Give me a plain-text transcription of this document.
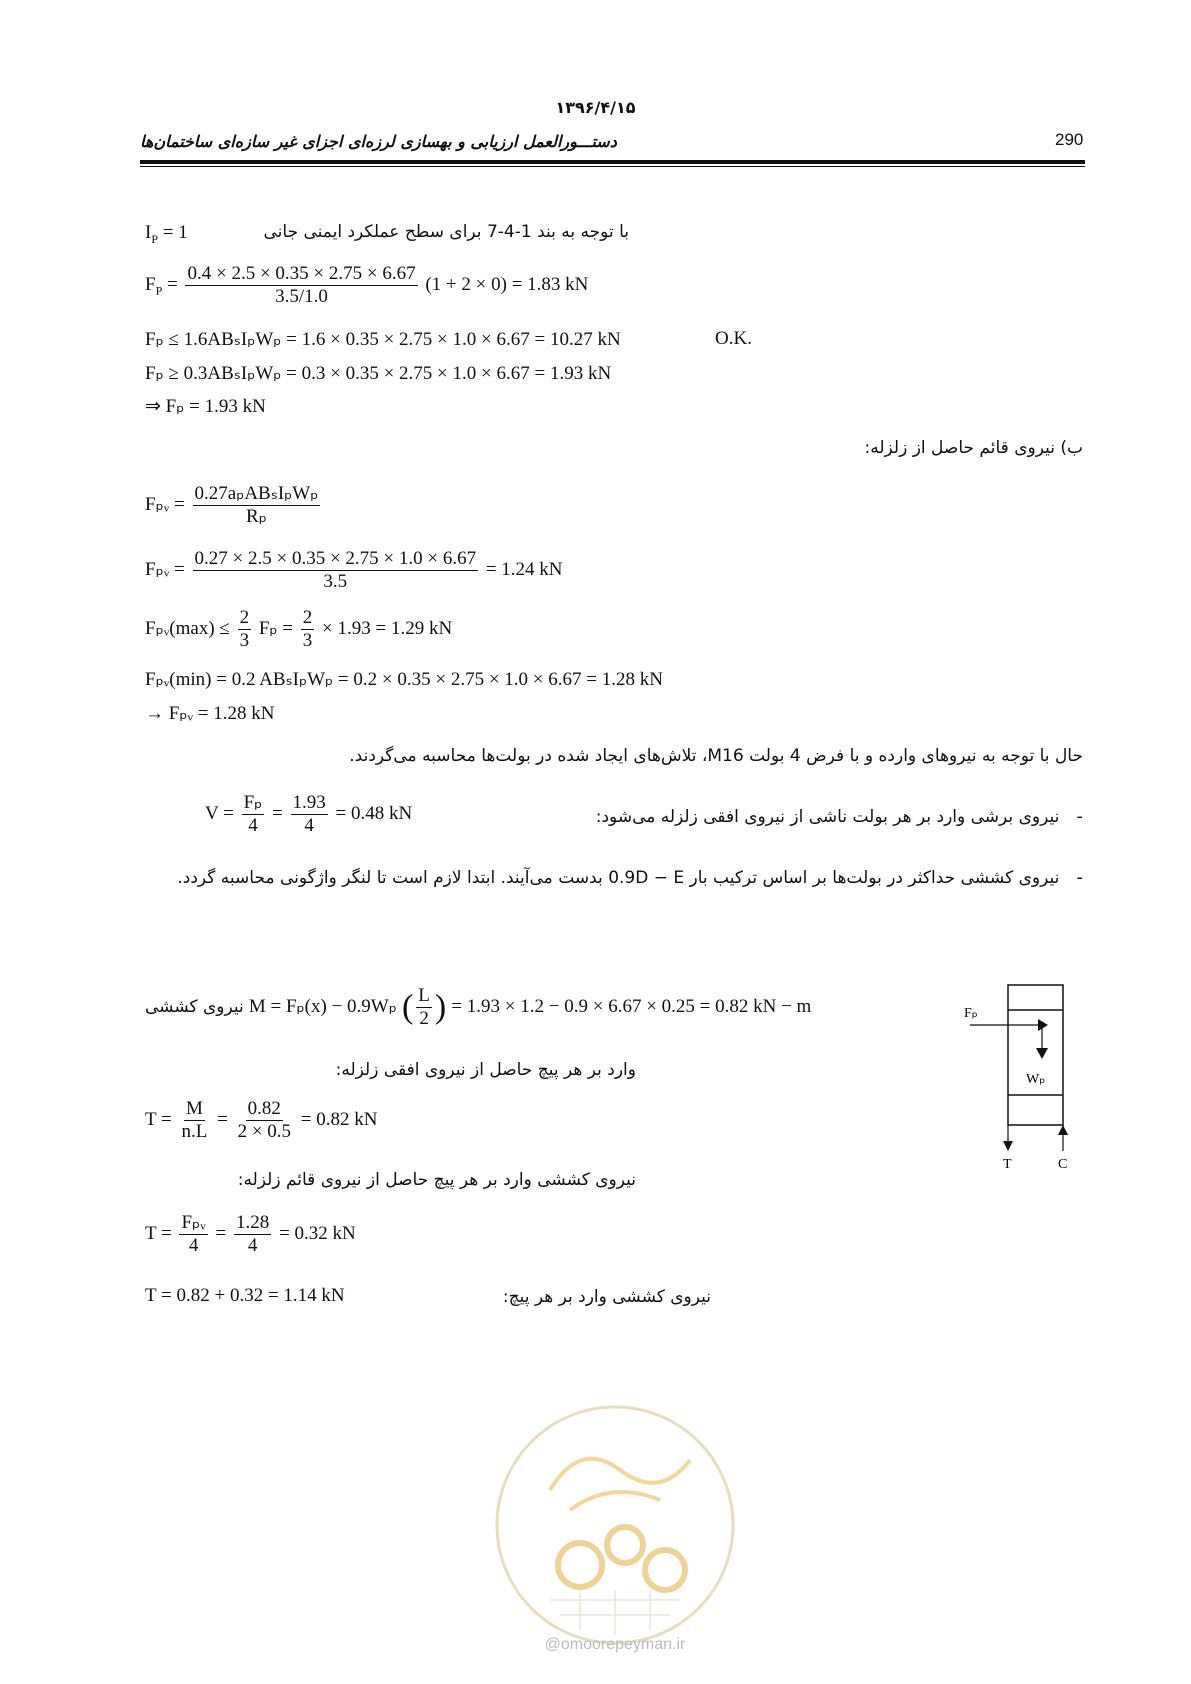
۱۳۹۶/۴/۱۵
290
دستـــورالعمل ارزیابی و بهسازی لرزه‌ای اجزای غیر سازه‌ای ساختمان‌ها
با توجه به بند 1-4-7 برای سطح عملکرد ایمنی جانی
$I_P = 1$
$F_P = \frac{0.4 \times 2.5 \times 0.35 \times 2.75 \times 6.67}{3.5/1.0} (1 + 2 \times 0) = 1.83$ kN
Fₚ ≤ 1.6ABₛIₚWₚ = 1.6 × 0.35 × 2.75 × 1.0 × 6.67 = 10.27 kN	O.K.
Fₚ ≥ 0.3ABₛIₚWₚ = 0.3 × 0.35 × 2.75 × 1.0 × 6.67 = 1.93 kN
⇒ Fₚ = 1.93 kN
ب) نیروی قائم حاصل از زلزله:
Fₚᵥ = $\frac{\text{0.27aₚABₛIₚWₚ}}{\text{Rₚ}}$
Fₚᵥ = $\frac{0.27 \times 2.5 \times 0.35 \times 2.75 \times 1.0 \times 6.67}{3.5} = 1.24$ kN
Fₚᵥ(max) ≤ $\frac{2}{3}$ $F_p = \frac{2}{3} \times 1.93 = 1.29$ kN
Fₚᵥ(min) = 0.2 ABₛIₚWₚ = 0.2 × 0.35 × 2.75 × 1.0 × 6.67 = 1.28 kN
→ Fₚᵥ = 1.28 kN
حال با توجه به نیروهای وارده و با فرض 4 بولت M16، تلاش‌های ایجاد شده در بولت‌ها محاسبه می‌گردند.
-   نیروی برشی وارد بر هر بولت ناشی از نیروی افقی زلزله می‌شود:
$V = \frac{\text{Fₚ}}{4} = \frac{1.93}{4} = 0.48$ kN
-   نیروی کششی حداکثر در بولت‌ها بر اساس ترکیب بار 0.9D − E بدست می‌آیند. ابتدا لازم است تا لنگر واژگونی محاسبه گردد.
نیروی کششی M = Fₚ(x) − 0.9Wₚ ( $\frac{L}{2}$ ) = 1.93 × 1.2 − 0.9 × 6.67 × 0.25 = 0.82 kN − m
وارد بر هر پیچ حاصل از نیروی افقی زلزله:
$T = \frac{M}{n.L} = \frac{0.82}{2 \times 0.5} = 0.82$ kN
نیروی کششی وارد بر هر پیچ حاصل از نیروی قائم زلزله:
$T = \frac{\text{Fₚᵥ}}{4} = \frac{1.28}{4} = 0.32$ kN
T = 0.82 + 0.32 = 1.14 kN	نیروی کششی وارد بر هر پیچ:
Fₚ
Wₚ
T	C
@omoorepeyman.ir
